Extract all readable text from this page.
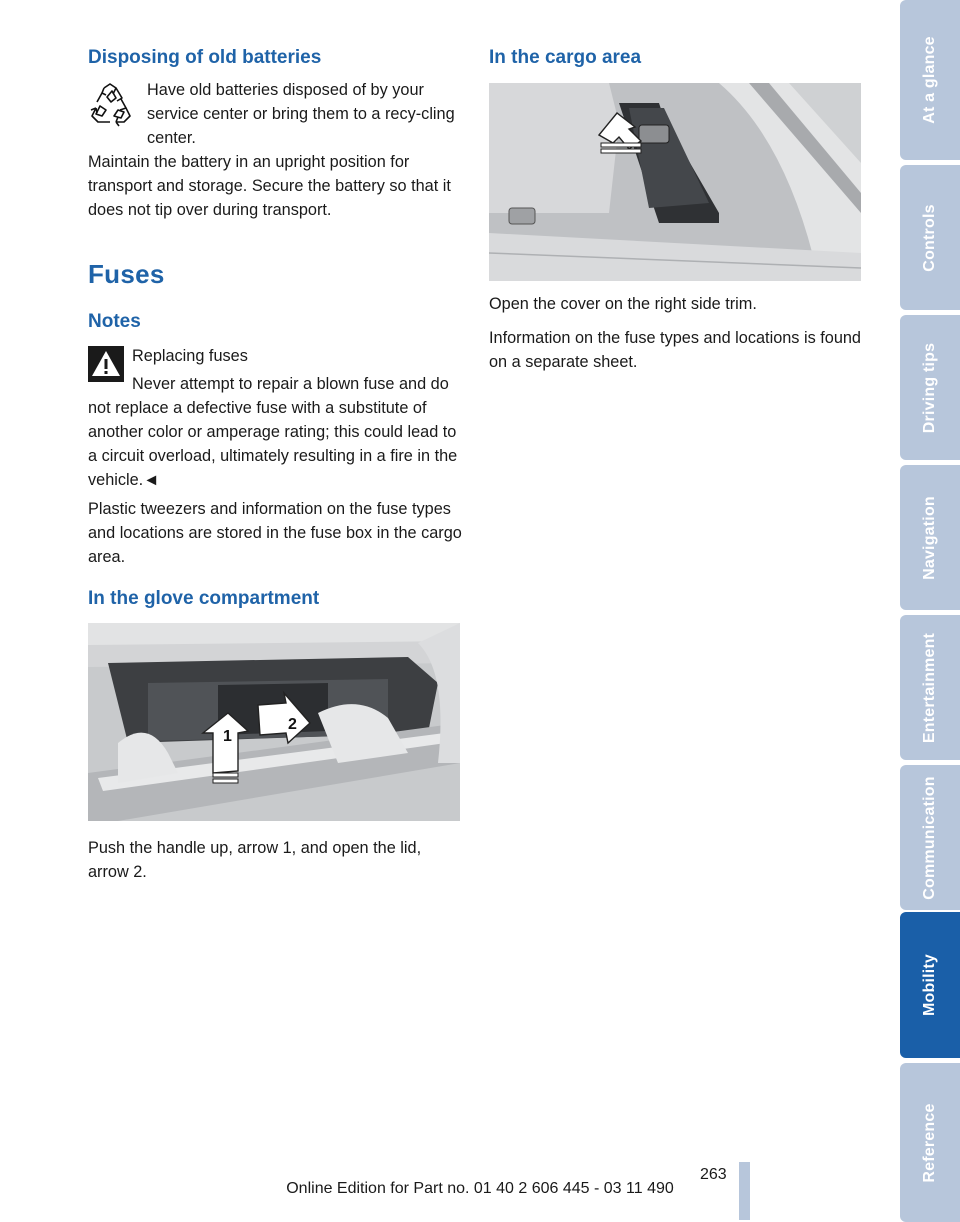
Disposing of old batteries

Have old batteries disposed of by your service center or bring them to a recy-cling center.

Maintain the battery in an upright position for transport and storage. Secure the battery so that it does not tip over during transport.

Fuses
Notes

Replacing fuses

Never attempt to repair a blown fuse and do not replace a defective fuse with a substitute of another color or amperage rating; this could lead to a circuit overload, ultimately resulting in a fire in the vehicle.◄

Plastic tweezers and information on the fuse types and locations are stored in the fuse box in the cargo area.

In the glove compartment
1
2

Push the handle up, arrow 1, and open the lid, arrow 2.

In the cargo area

Open the cover on the right side trim.

Information on the fuse types and locations is found on a separate sheet.

At a glance
Controls
Driving tips
Navigation
Entertainment
Communication
Mobility
Reference
263
Online Edition for Part no. 01 40 2 606 445 - 03 11 490
